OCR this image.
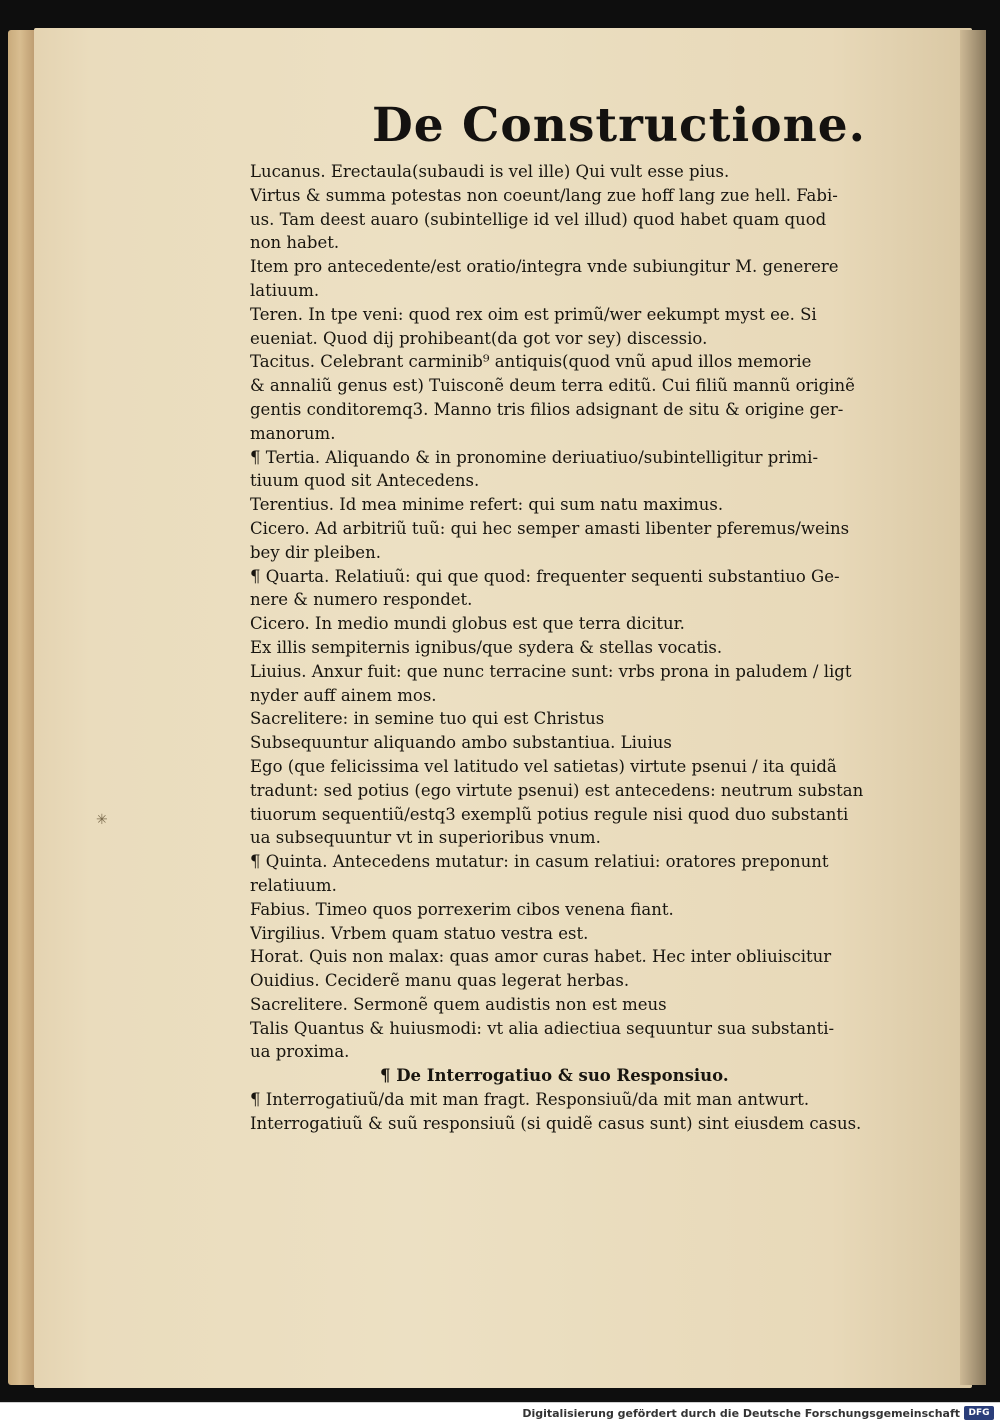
De Constructione.
Lucanus. Erectaula(subaudi is vel ille) Qui vult esse pius.
Virtus & summa potestas non coeunt/lang zue hoff lang zue hell. Fabi-
us. Tam deest auaro (subintellige id vel illud) quod habet quam quod
non habet.
Item pro antecedente/est oratio/integra vnde subiungitur M. generere
latiuum.
Teren. In tpe veni: quod rex oim est primũ/wer eekumpt myst ee. Si
eueniat. Quod dij prohibeant(da got vor sey) discessio.
Tacitus. Celebrant carminib⁹ antiquis(quod vnũ apud illos memorie
& annaliũ genus est) Tuisconẽ deum terra editũ. Cui filiũ mannũ originẽ
gentis conditoremq3. Manno tris filios adsignant de situ & origine ger-
manorum.
¶ Tertia. Aliquando & in pronomine deriuatiuo/subintelligitur primi-
tiuum quod sit Antecedens.
Terentius. Id mea minime refert: qui sum natu maximus.
Cicero. Ad arbitriũ tuũ: qui hec semper amasti libenter pferemus/weins
bey dir pleiben.
¶ Quarta. Relatiuũ: qui que quod: frequenter sequenti substantiuo Ge-
nere & numero respondet.
Cicero. In medio mundi globus est que terra dicitur.
Ex illis sempiternis ignibus/que sydera & stellas vocatis.
Liuius. Anxur fuit: que nunc terracine sunt: vrbs prona in paludem / ligt
nyder auff ainem mos.
Sacrelitere: in semine tuo qui est Christus
Subsequuntur aliquando ambo substantiua. Liuius
Ego (que felicissima vel latitudo vel satietas) virtute psenui / ita quidã
tradunt: sed potius (ego virtute psenui) est antecedens: neutrum substan
tiuorum sequentiũ/estq3 exemplũ potius regule nisi quod duo substanti
ua subsequuntur vt in superioribus vnum.
¶ Quinta. Antecedens mutatur: in casum relatiui: oratores preponunt
relatiuum.
Fabius. Timeo quos porrexerim cibos venena fiant.
Virgilius. Vrbem quam statuo vestra est.
Horat. Quis non malax: quas amor curas habet. Hec inter obliuiscitur
Ouidius. Ceciderẽ manu quas legerat herbas.
Sacrelitere. Sermonẽ quem audistis non est meus
Talis Quantus & huiusmodi: vt alia adiectiua sequuntur sua substanti-
ua proxima.
¶ De Interrogatiuo & suo Responsiuo.
¶ Interrogatiuũ/da mit man fragt. Responsiuũ/da mit man antwurt.
Interrogatiuũ & suũ responsiuũ (si quidẽ casus sunt) sint eiusdem casus.
✳
Digitalisierung gefördert durch die Deutsche Forschungsgemeinschaft DFG
